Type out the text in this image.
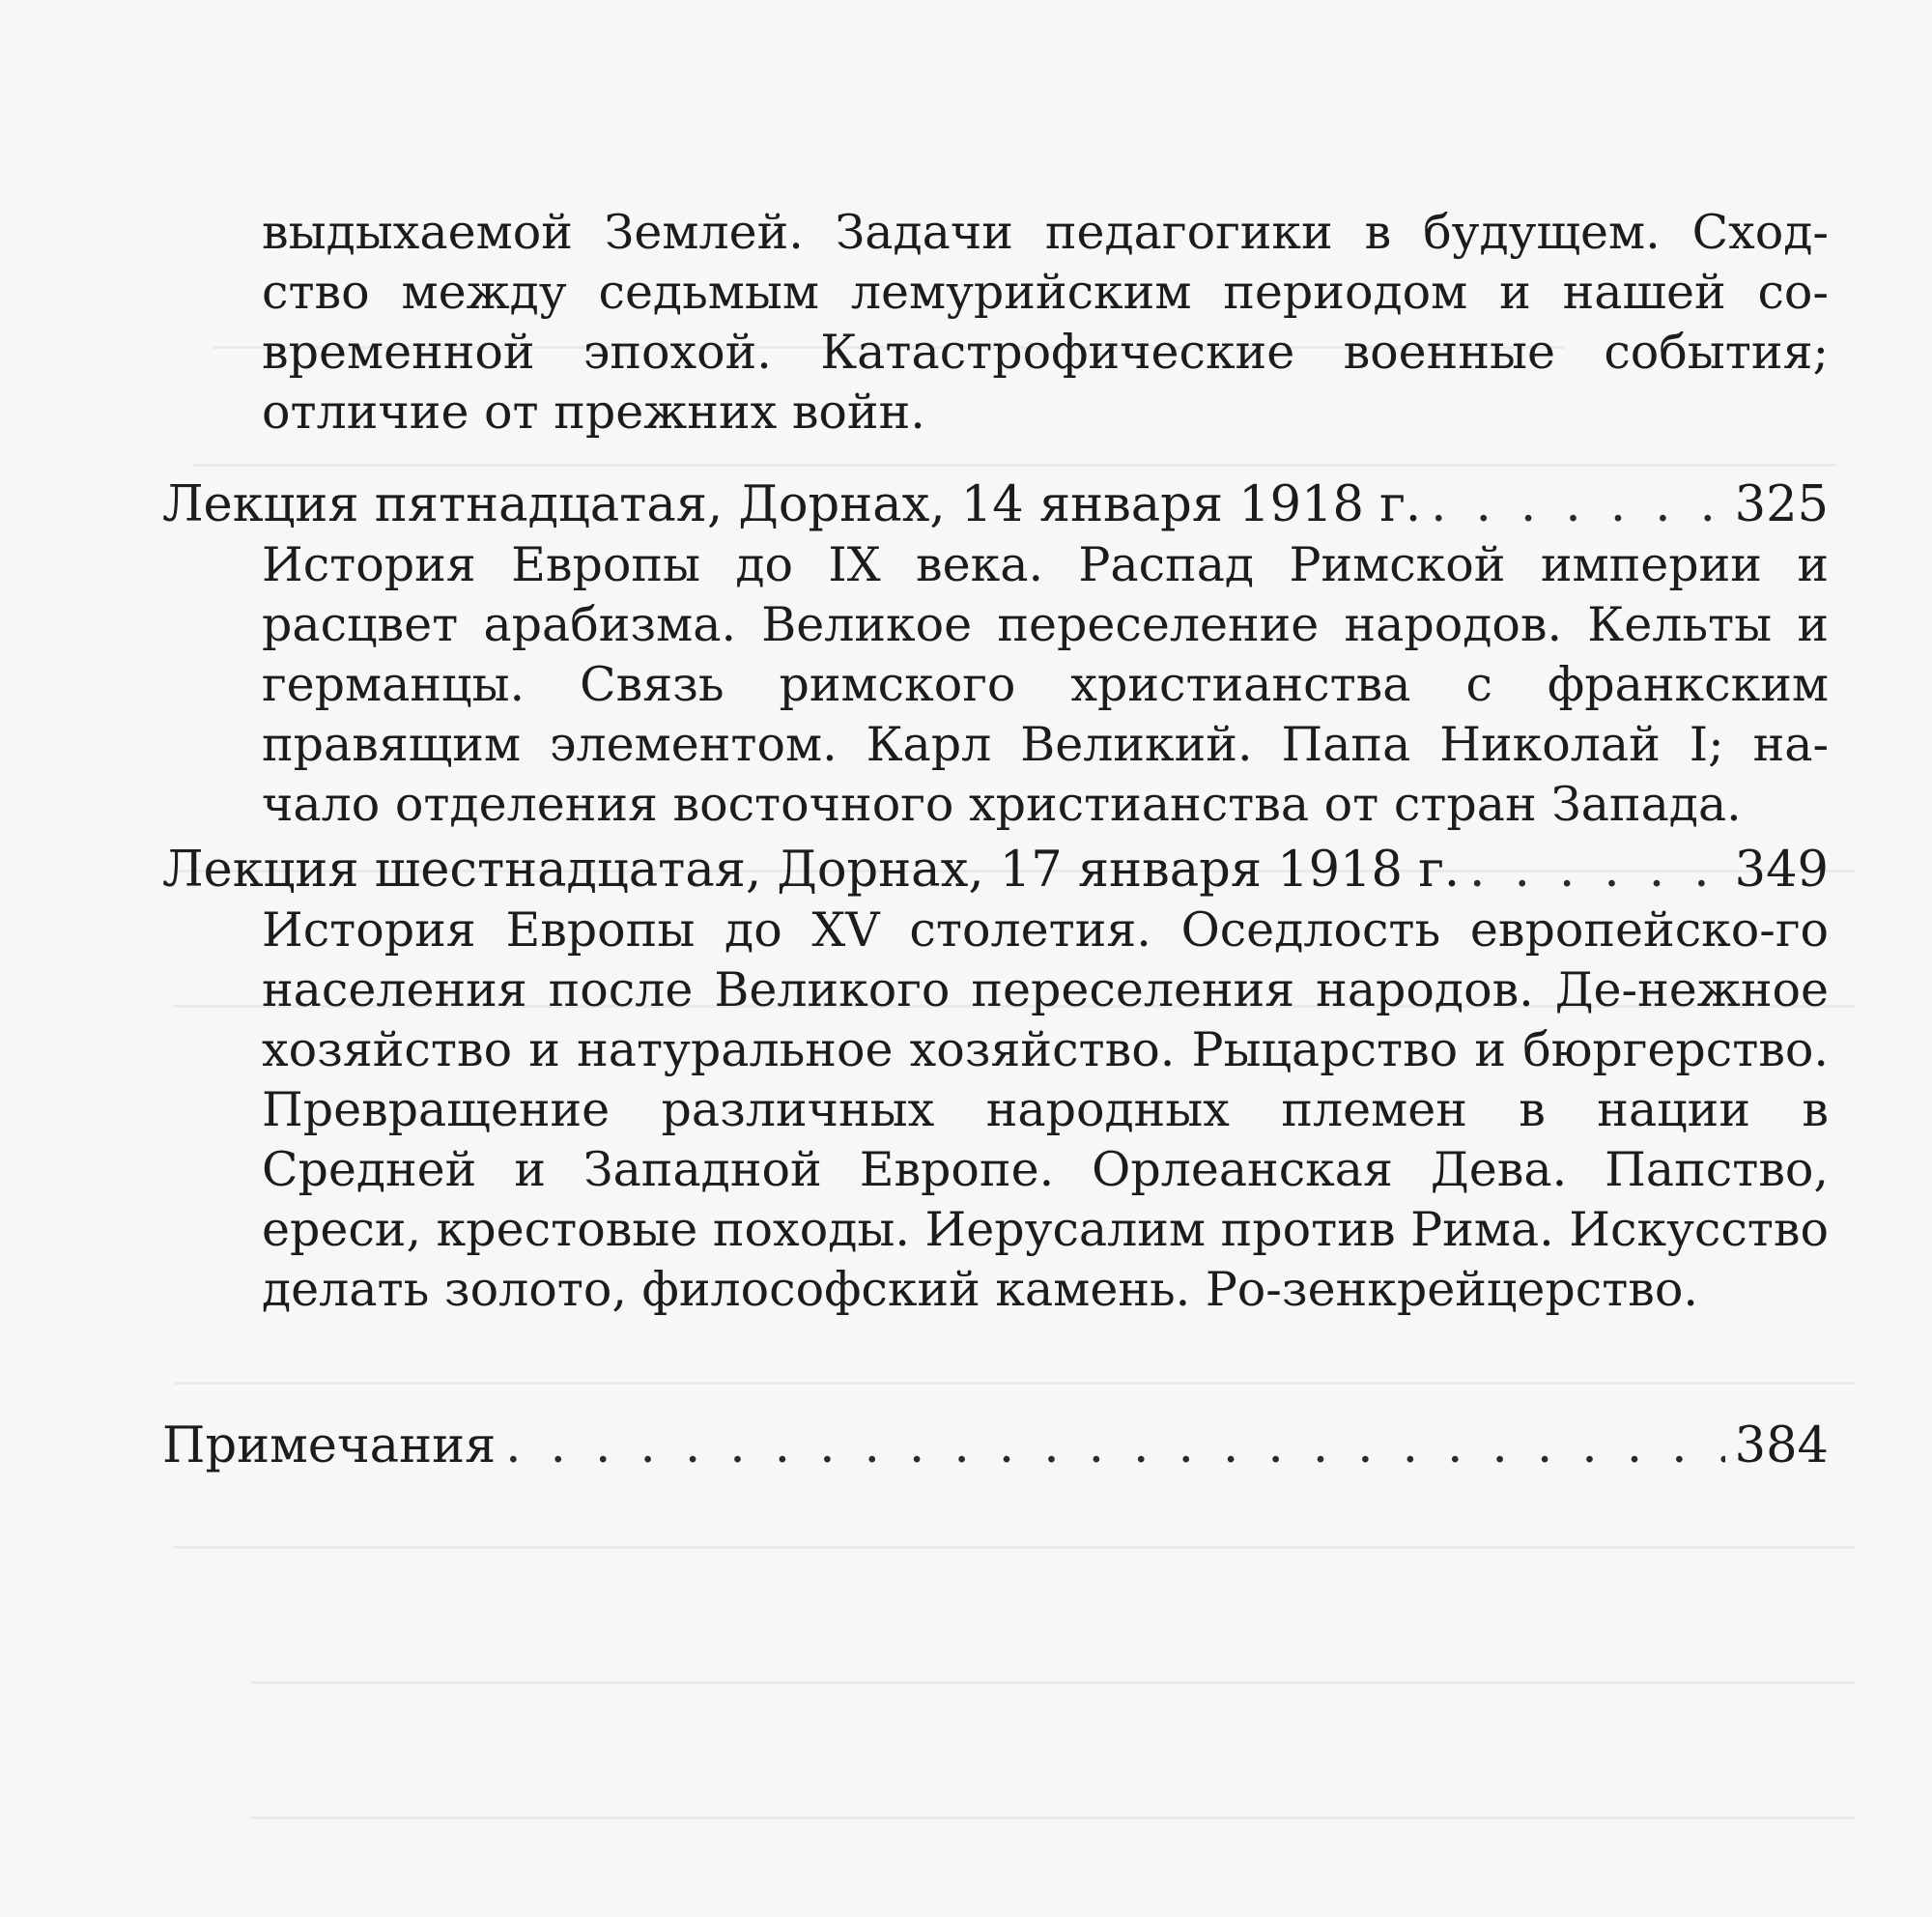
выдыхаемой Землей. Задачи педагогики в будущем. Сход-ство между седьмым лемурийским периодом и нашей со-временной эпохой. Катастрофические военные события; отличие от прежних войн.
Лекция пятнадцатая, Дорнах, 14 января 1918 г. . . .	325
История Европы до IX века. Распад Римской империи и расцвет арабизма. Великое переселение народов. Кельты и германцы. Связь римского христианства с франкским правящим элементом. Карл Великий. Папа Николай I; на-чало отделения восточного христианства от стран Запада.
Лекция шестнадцатая, Дорнах, 17 января 1918 г. . . .	349
История Европы до XV столетия. Оседлость европейско-го населения после Великого переселения народов. Де-нежное хозяйство и натуральное хозяйство. Рыцарство и бюргерство. Превращение различных народных племен в нации в Средней и Западной Европе. Орлеанская Дева. Папство, ереси, крестовые походы. Иерусалим против Рима. Искусство делать золото, философский камень. Ро-зенкрейцерство.
Примечания . . .	384
